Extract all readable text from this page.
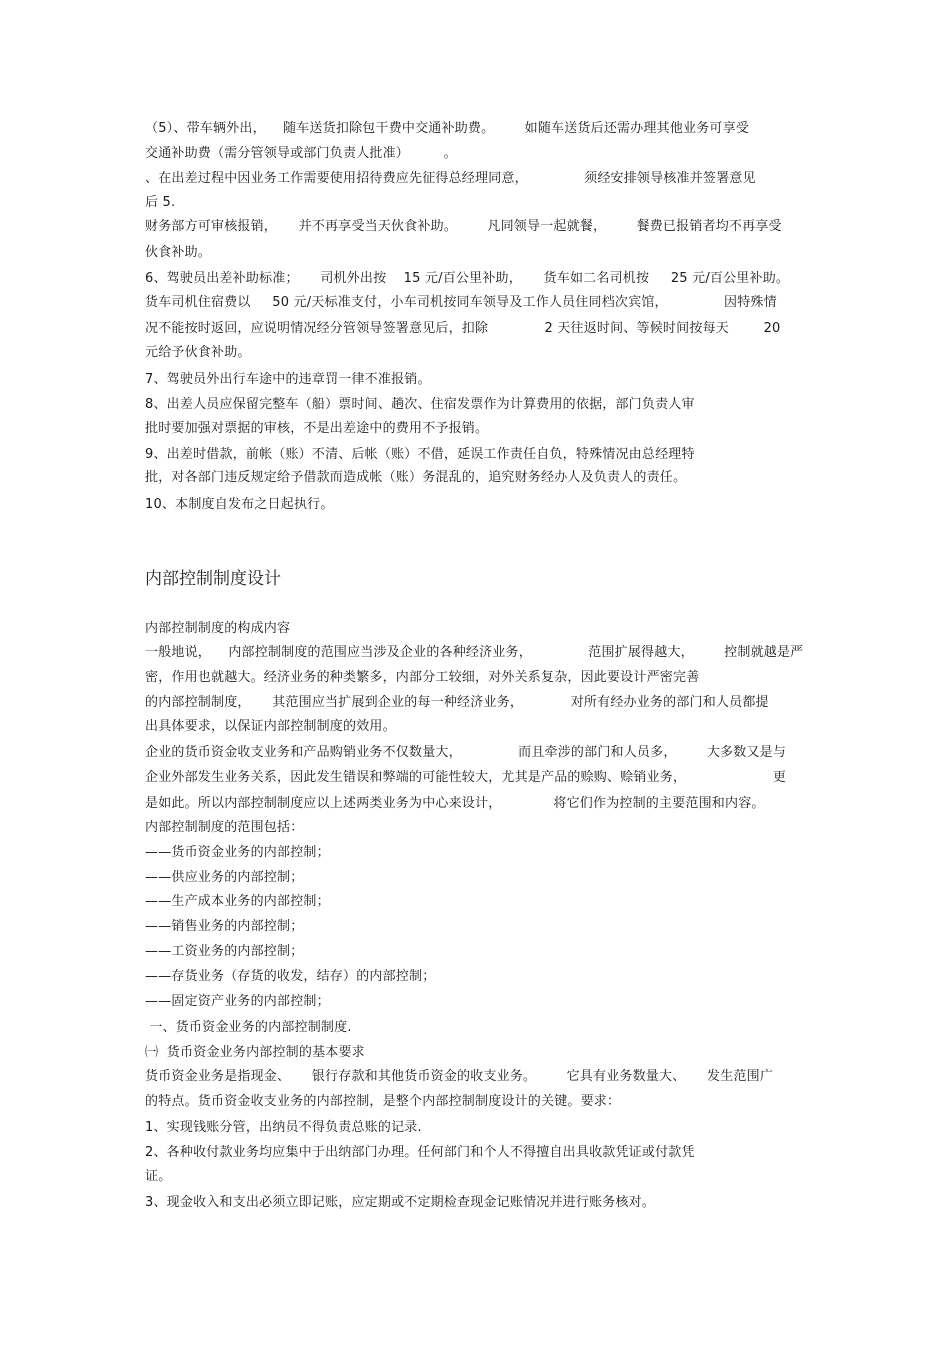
（5）、带车辆外出，    随车送货扣除包干费中交通补助费。       如随车送货后还需办理其他业务可享受
交通补助费（需分管领导或部门负责人批准）        。
、在出差过程中因业务工作需要使用招待费应先征得总经理同意，             须经安排领导核准并签署意见
后 5.
财务部方可审核报销，     并不再享受当天伙食补助。       凡同领导一起就餐，       餐费已报销者均不再享受
伙食补助。
6、驾驶员出差补助标准；     司机外出按    15 元/百公里补助，     货车如二名司机按     25 元/百公里补助。
货车司机住宿费以     50 元/天标准支付，小车司机按同车领导及工作人员住同档次宾馆，             因特殊情
况不能按时返回，应说明情况经分管领导签署意见后，扣除             2 天往返时间、等候时间按每天        20
元给予伙食补助。
7、驾驶员外出行车途中的违章罚一律不准报销。
8、出差人员应保留完整车（船）票时间、趟次、住宿发票作为计算费用的依据，部门负责人审
批时要加强对票据的审核，不是出差途中的费用不予报销。
9、出差时借款，前帐（账）不清、后帐（账）不借，延误工作责任自负，特殊情况由总经理特
批，对各部门违反规定给予借款而造成帐（账）务混乱的，追究财务经办人及负责人的责任。
10、本制度自发布之日起执行。
内部控制制度设计
内部控制制度的构成内容
一般地说，    内部控制制度的范围应当涉及企业的各种经济业务，             范围扩展得越大，       控制就越是严
密，作用也就越大。经济业务的种类繁多，内部分工较细，对外关系复杂，因此要设计严密完善
的内部控制制度，     其范围应当扩展到企业的每一种经济业务，           对所有经办业务的部门和人员都提
出具体要求，以保证内部控制制度的效用。
企业的货币资金收支业务和产品购销业务不仅数量大，             而且牵涉的部门和人员多，       大多数又是与
企业外部发生业务关系，因此发生错误和弊端的可能性较大，尤其是产品的赊购、赊销业务，                    更
是如此。所以内部控制制度应以上述两类业务为中心来设计，            将它们作为控制的主要范围和内容。
内部控制制度的范围包括：
——货币资金业务的内部控制；
——供应业务的内部控制；
——生产成本业务的内部控制；
——销售业务的内部控制；
——工资业务的内部控制；
——存货业务（存货的收发，结存）的内部控制；
——固定资产业务的内部控制；
一、货币资金业务的内部控制制度.
㈠  货币资金业务内部控制的基本要求
货币资金业务是指现金、     银行存款和其他货币资金的收支业务。       它具有业务数量大、     发生范围广
的特点。货币资金收支业务的内部控制，是整个内部控制制度设计的关键。要求：
1、实现钱账分管，出纳员不得负责总账的记录.
2、各种收付款业务均应集中于出纳部门办理。任何部门和个人不得擅自出具收款凭证或付款凭
证。
3、现金收入和支出必须立即记账，应定期或不定期检查现金记账情况并进行账务核对。
